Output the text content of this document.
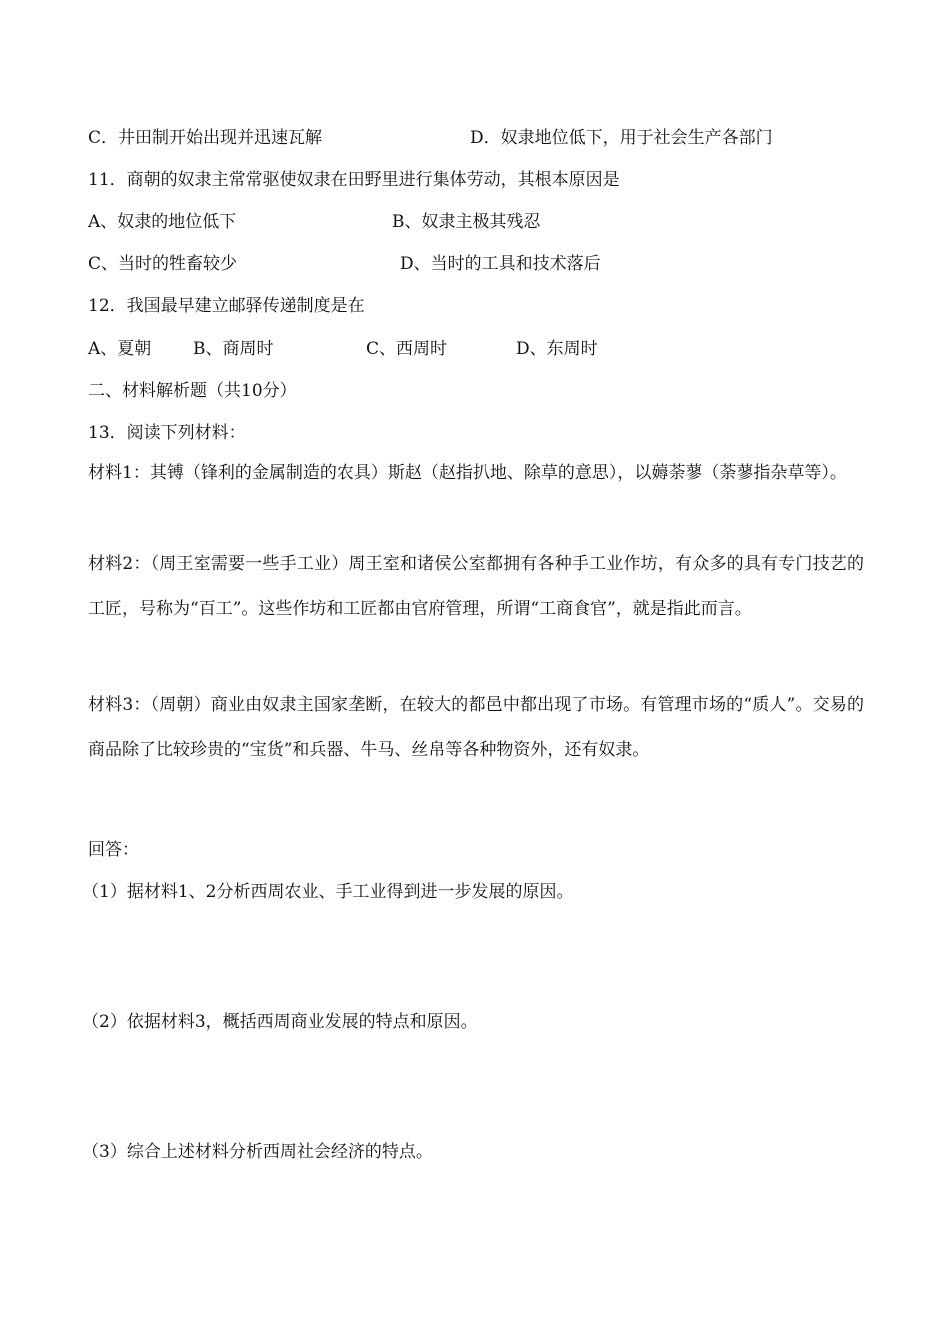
C．井田制开始出现并迅速瓦解	D．奴隶地位低下，用于社会生产各部门
11．商朝的奴隶主常常驱使奴隶在田野里进行集体劳动，其根本原因是
A、奴隶的地位低下	B、奴隶主极其残忍
C、当时的牲畜较少	D、当时的工具和技术落后
12．我国最早建立邮驿传递制度是在
A、夏朝 B、商周时	C、西周时	D、东周时
二、材料解析题（共10分）
13．阅读下列材料：
材料1：其镈（锋利的金属制造的农具）斯赵（赵指扒地、除草的意思），以薅荼蓼（荼蓼指杂草等）。
材料2：（周王室需要一些手工业）周王室和诸侯公室都拥有各种手工业作坊，有众多的具有专门技艺的工匠，号称为“百工”。这些作坊和工匠都由官府管理，所谓“工商食官”，就是指此而言。
材料3：（周朝）商业由奴隶主国家垄断，在较大的都邑中都出现了市场。有管理市场的“质人”。交易的商品除了比较珍贵的“宝货”和兵器、牛马、丝帛等各种物资外，还有奴隶。
回答：
（1）据材料1、2分析西周农业、手工业得到进一步发展的原因。
（2）依据材料3，概括西周商业发展的特点和原因。
（3）综合上述材料分析西周社会经济的特点。
